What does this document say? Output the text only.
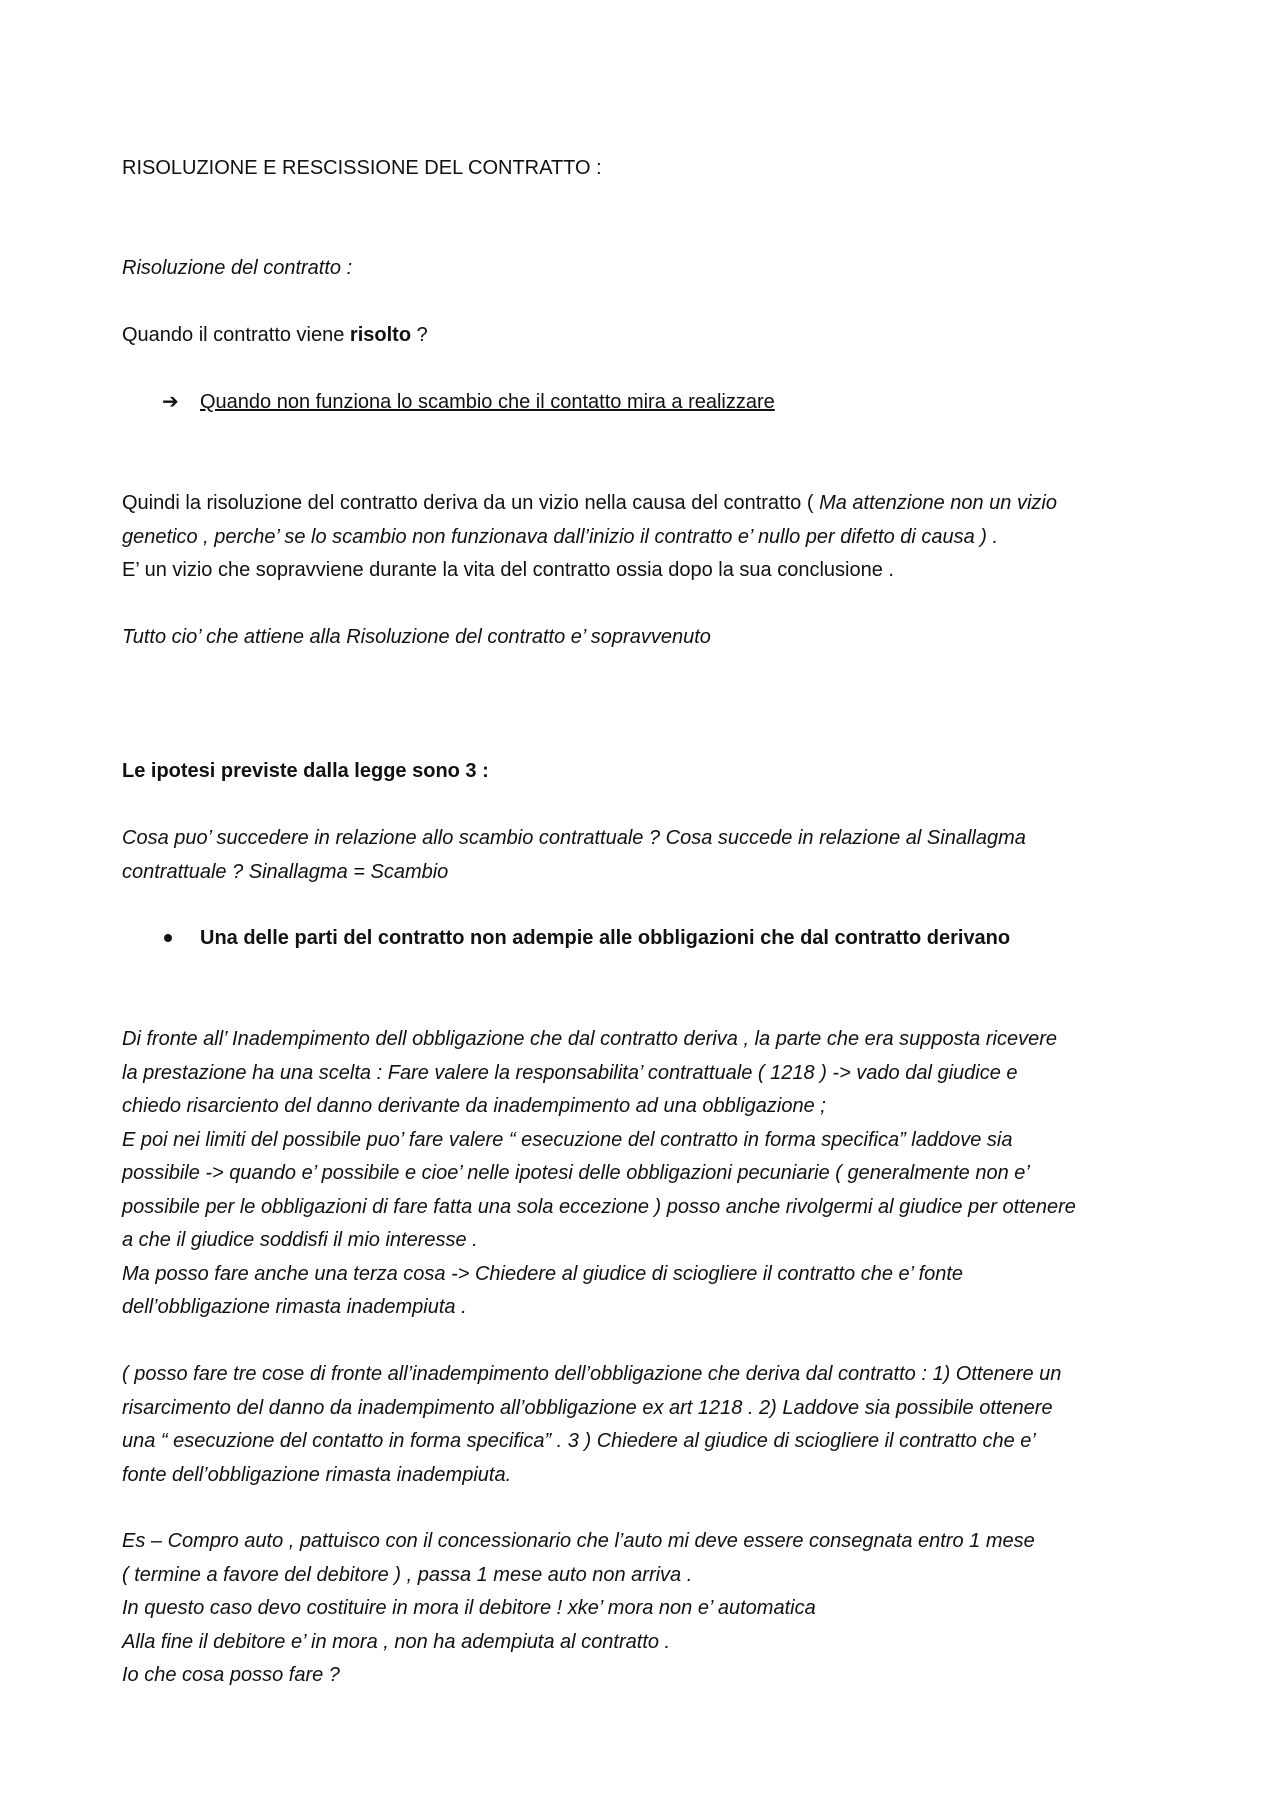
RISOLUZIONE E RESCISSIONE DEL CONTRATTO :

Risoluzione del contratto :

Quando il contratto viene risolto ?

➔ Quando non funziona lo scambio che il contatto mira a realizzare

Quindi la risoluzione del contratto deriva da un vizio nella causa del contratto ( Ma attenzione non un vizio
genetico , perche’ se lo scambio non funzionava dall’inizio il contratto e’ nullo per difetto di causa ) .
E’ un vizio che sopravviene durante la vita del contratto ossia dopo la sua conclusione .

Tutto cio’ che attiene alla Risoluzione del contratto e’ sopravvenuto

Le ipotesi previste dalla legge sono 3 :

Cosa puo’ succedere in relazione allo scambio contrattuale ? Cosa succede in relazione al Sinallagma
contrattuale ? Sinallagma = Scambio

Una delle parti del contratto non adempie alle obbligazioni che dal contratto derivano

Di fronte all’ Inadempimento dell obbligazione che dal contratto deriva , la parte che era supposta ricevere
la prestazione ha una scelta : Fare valere la responsabilita’ contrattuale ( 1218 ) -> vado dal giudice e
chiedo risarciento del danno derivante da inadempimento ad una obbligazione ;
E poi nei limiti del possibile puo’ fare valere “ esecuzione del contratto in forma specifica” laddove sia
possibile -> quando e’ possibile e cioe’ nelle ipotesi delle obbligazioni pecuniarie ( generalmente non e’
possibile per le obbligazioni di fare fatta una sola eccezione ) posso anche rivolgermi al giudice per ottenere
a che il giudice soddisfi il mio interesse .
Ma posso fare anche una terza cosa -> Chiedere al giudice di sciogliere il contratto che e’ fonte
dell’obbligazione rimasta inadempiuta .

( posso fare tre cose di fronte all’inadempimento dell’obbligazione che deriva dal contratto : 1) Ottenere un
risarcimento del danno da inadempimento all’obbligazione ex art 1218 . 2) Laddove sia possibile ottenere
una “ esecuzione del contatto in forma specifica” . 3 ) Chiedere al giudice di sciogliere il contratto che e’
fonte dell’obbligazione rimasta inadempiuta.

Es – Compro auto , pattuisco con il concessionario che l’auto mi deve essere consegnata entro 1 mese
( termine a favore del debitore ) , passa 1 mese auto non arriva .
In questo caso devo costituire in mora il debitore ! xke’ mora non e’ automatica
Alla fine il debitore e’ in mora , non ha adempiuta al contratto .
Io che cosa posso fare ?
